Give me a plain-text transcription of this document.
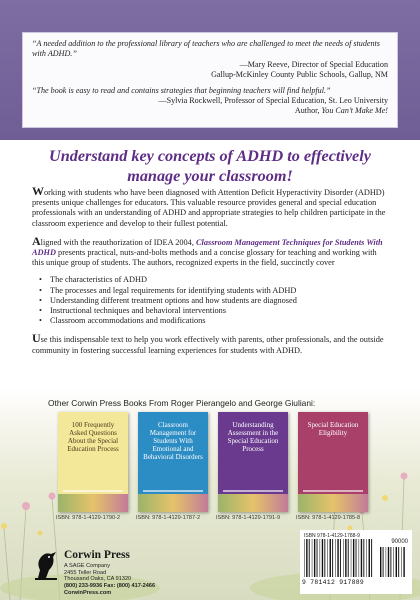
“A needed addition to the professional library of teachers who are challenged to meet the needs of students with ADHD.”

—Mary Reeve, Director of Special Education

Gallup-McKinley County Public Schools, Gallup, NM

“The book is easy to read and contains strategies that beginning teachers will find helpful.”

—Sylvia Rockwell, Professor of Special Education, St. Leo University

Author, You Can’t Make Me!

Understand key concepts of ADHD to effectively manage your classroom!

Working with students who have been diagnosed with Attention Deficit Hyperactivity Disorder (ADHD) presents unique challenges for educators. This valuable resource provides general and special education professionals with an understanding of ADHD and appropriate strategies to help children participate in the classroom experience and develop to their fullest potential.

Aligned with the reauthorization of IDEA 2004, Classroom Management Techniques for Students With ADHD presents practical, nuts-and-bolts methods and a concise glossary for teaching and working with this unique group of students. The authors, recognized experts in the field, succinctly cover

• The characteristics of ADHD
• The processes and legal requirements for identifying students with ADHD
• Understanding different treatment options and how students are diagnosed
• Instructional techniques and behavioral interventions
• Classroom accommodations and modifications

Use this indispensable text to help you work effectively with parents, other professionals, and the outside community in fostering successful learning experiences for students with ADHD.

Other Corwin Press Books From Roger Pierangelo and George Giuliani:
100 Frequently Asked Questions About the Special Education Process
Classroom Management for Students With Emotional and Behavioral Disorders
Understanding Assessment in the Special Education Process
Special Education Eligibility
ISBN: 978-1-4129-1790-2	ISBN: 978-1-4129-1787-2	ISBN: 978-1-4129-1791-9	ISBN: 978-1-4129-1785-8
Corwin Press
A SAGE Company
2455 Teller Road
Thousand Oaks, CA 91320
(800) 233-9936 Fax: (800) 417-2466
CorwinPress.com
ISBN 978-1-4129-1788-9
90000
9 781412 917889
